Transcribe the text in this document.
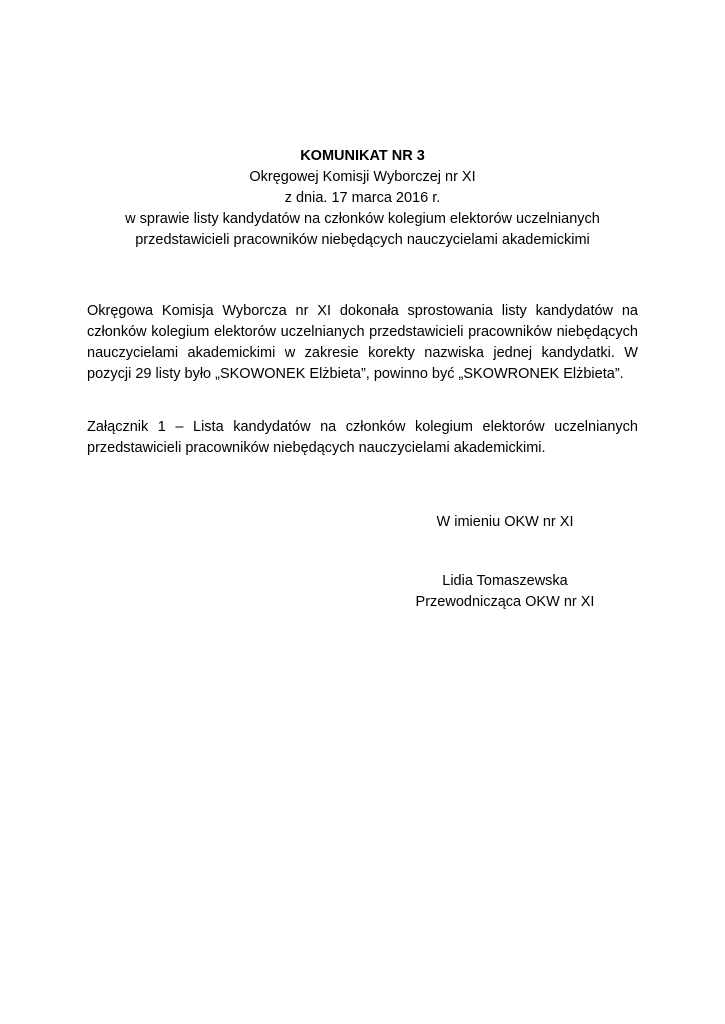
KOMUNIKAT NR 3
Okręgowej Komisji Wyborczej nr XI
z dnia. 17 marca 2016 r.
w sprawie listy kandydatów na członków kolegium elektorów uczelnianych
przedstawicieli pracowników niebędących nauczycielami akademickimi
Okręgowa Komisja Wyborcza nr XI dokonała sprostowania listy kandydatów na członków kolegium elektorów uczelnianych przedstawicieli pracowników niebędących nauczycielami akademickimi w zakresie korekty nazwiska jednej kandydatki. W pozycji 29 listy było „SKOWONEK Elżbieta”, powinno być „SKOWRONEK Elżbieta”.
Załącznik 1 – Lista kandydatów na członków kolegium elektorów uczelnianych przedstawicieli pracowników niebędących nauczycielami akademickimi.
W imieniu OKW nr XI
Lidia Tomaszewska
Przewodnicząca OKW nr XI
